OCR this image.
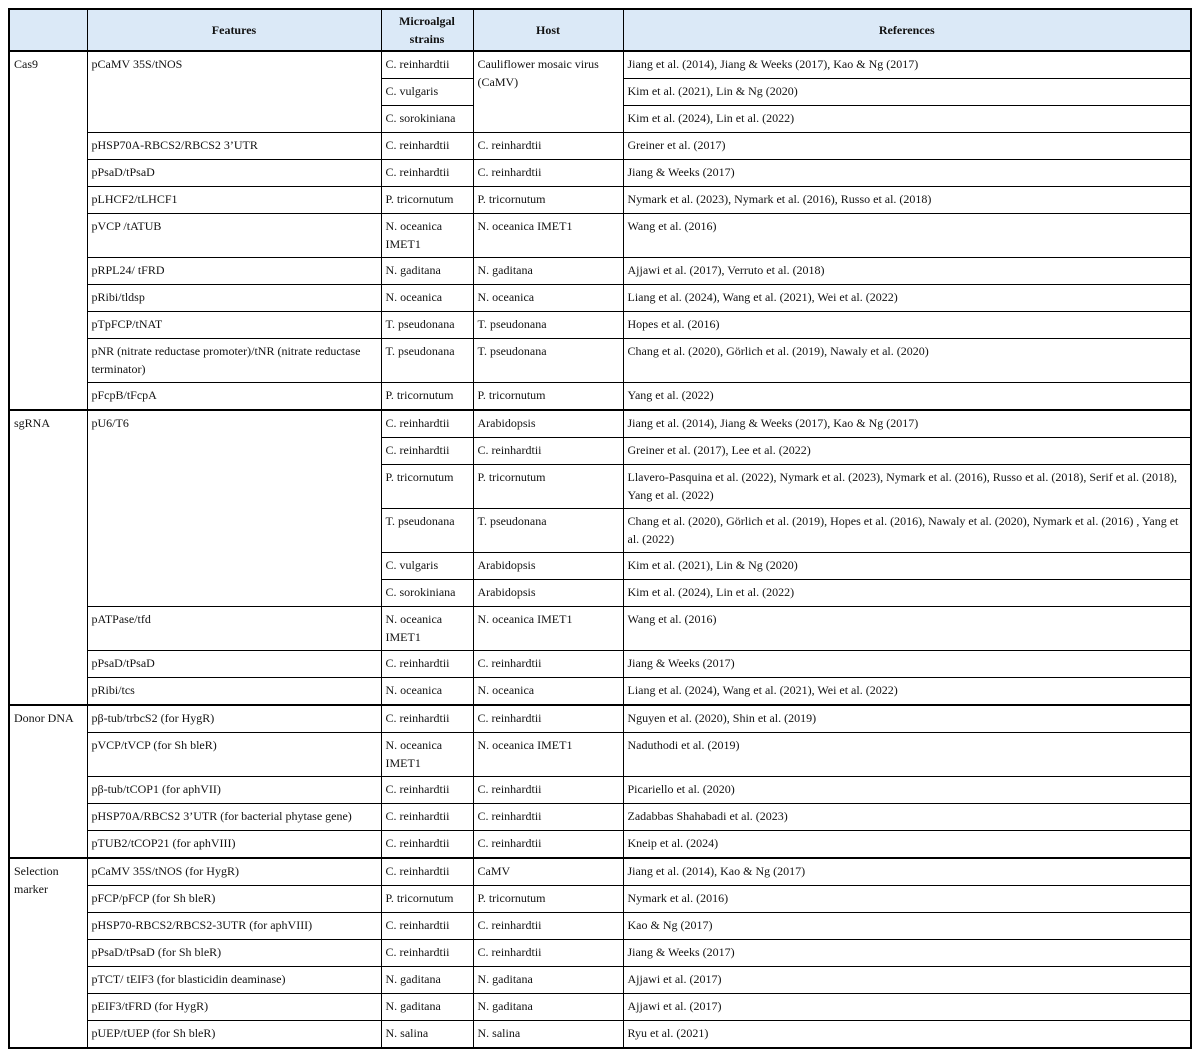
	Features	Microalgal strains	Host	References
Cas9	pCaMV 35S/tNOS	C. reinhardtii	Cauliflower mosaic virus (CaMV)	Jiang et al. (2014), Jiang & Weeks (2017), Kao & Ng (2017)
		C. vulgaris		Kim et al. (2021), Lin & Ng (2020)
		C. sorokiniana		Kim et al. (2024), Lin et al. (2022)
	pHSP70A-RBCS2/RBCS2 3’UTR	C. reinhardtii	C. reinhardtii	Greiner et al. (2017)
	pPsaD/tPsaD	C. reinhardtii	C. reinhardtii	Jiang & Weeks (2017)
	pLHCF2/tLHCF1	P. tricornutum	P. tricornutum	Nymark et al. (2023), Nymark et al. (2016), Russo et al. (2018)
	pVCP /tATUB	N. oceanica IMET1	N. oceanica IMET1	Wang et al. (2016)
	pRPL24/ tFRD	N. gaditana	N. gaditana	Ajjawi et al. (2017), Verruto et al. (2018)
	pRibi/tldsp	N. oceanica	N. oceanica	Liang et al. (2024), Wang et al. (2021), Wei et al. (2022)
	pTpFCP/tNAT	T. pseudonana	T. pseudonana	Hopes et al. (2016)
	pNR (nitrate reductase promoter)/tNR (nitrate reductase terminator)	T. pseudonana	T. pseudonana	Chang et al. (2020), Görlich et al. (2019), Nawaly et al. (2020)
	pFcpB/tFcpA	P. tricornutum	P. tricornutum	Yang et al. (2022)
sgRNA	pU6/T6	C. reinhardtii	Arabidopsis	Jiang et al. (2014), Jiang & Weeks (2017), Kao & Ng (2017)
		C. reinhardtii	C. reinhardtii	Greiner et al. (2017), Lee et al. (2022)
		P. tricornutum	P. tricornutum	Llavero-Pasquina et al. (2022), Nymark et al. (2023), Nymark et al. (2016), Russo et al. (2018), Serif et al. (2018), Yang et al. (2022)
		T. pseudonana	T. pseudonana	Chang et al. (2020), Görlich et al. (2019), Hopes et al. (2016), Nawaly et al. (2020), Nymark et al. (2016) , Yang et al. (2022)
		C. vulgaris	Arabidopsis	Kim et al. (2021), Lin & Ng (2020)
		C. sorokiniana	Arabidopsis	Kim et al. (2024), Lin et al. (2022)
	pATPase/tfd	N. oceanica IMET1	N. oceanica IMET1	Wang et al. (2016)
	pPsaD/tPsaD	C. reinhardtii	C. reinhardtii	Jiang & Weeks (2017)
	pRibi/tcs	N. oceanica	N. oceanica	Liang et al. (2024), Wang et al. (2021), Wei et al. (2022)
Donor DNA	pβ-tub/trbcS2 (for HygR)	C. reinhardtii	C. reinhardtii	Nguyen et al. (2020), Shin et al. (2019)
	pVCP/tVCP (for Sh bleR)	N. oceanica IMET1	N. oceanica IMET1	Naduthodi et al. (2019)
	pβ-tub/tCOP1 (for aphVII)	C. reinhardtii	C. reinhardtii	Picariello et al. (2020)
	pHSP70A/RBCS2 3’UTR (for bacterial phytase gene)	C. reinhardtii	C. reinhardtii	Zadabbas Shahabadi et al. (2023)
	pTUB2/tCOP21 (for aphVIII)	C. reinhardtii	C. reinhardtii	Kneip et al. (2024)
Selection marker	pCaMV 35S/tNOS (for HygR)	C. reinhardtii	CaMV	Jiang et al. (2014), Kao & Ng (2017)
	pFCP/pFCP (for Sh bleR)	P. tricornutum	P. tricornutum	Nymark et al. (2016)
	pHSP70-RBCS2/RBCS2-3UTR (for aphVIII)	C. reinhardtii	C. reinhardtii	Kao & Ng (2017)
	pPsaD/tPsaD (for Sh bleR)	C. reinhardtii	C. reinhardtii	Jiang & Weeks (2017)
	pTCT/ tEIF3 (for blasticidin deaminase)	N. gaditana	N. gaditana	Ajjawi et al. (2017)
	pEIF3/tFRD (for HygR)	N. gaditana	N. gaditana	Ajjawi et al. (2017)
	pUEP/tUEP (for Sh bleR)	N. salina	N. salina	Ryu et al. (2021)
